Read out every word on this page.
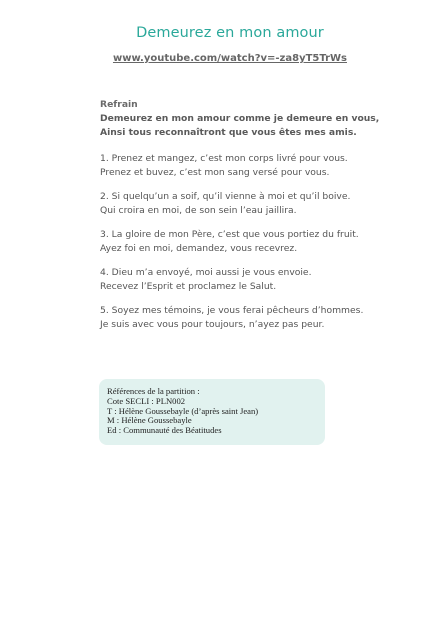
Demeurez en mon amour
www.youtube.com/watch?v=-za8yT5TrWs
Refrain
Demeurez en mon amour comme je demeure en vous,
Ainsi tous reconnaîtront que vous êtes mes amis.
1. Prenez et mangez, c’est mon corps livré pour vous.
Prenez et buvez, c’est mon sang versé pour vous.
2. Si quelqu’un a soif, qu’il vienne à moi et qu’il boive.
Qui croira en moi, de son sein l’eau jaillira.
3. La gloire de mon Père, c’est que vous portiez du fruit.
Ayez foi en moi, demandez, vous recevrez.
4. Dieu m’a envoyé, moi aussi je vous envoie.
Recevez l’Esprit et proclamez le Salut.
5. Soyez mes témoins, je vous ferai pêcheurs d’hommes.
Je suis avec vous pour toujours, n’ayez pas peur.
Références de la partition :
Cote SECLI : PLN002
T : Hélène Goussebayle (d’après saint Jean)
M : Hélène Goussebayle
Ed : Communauté des Béatitudes
